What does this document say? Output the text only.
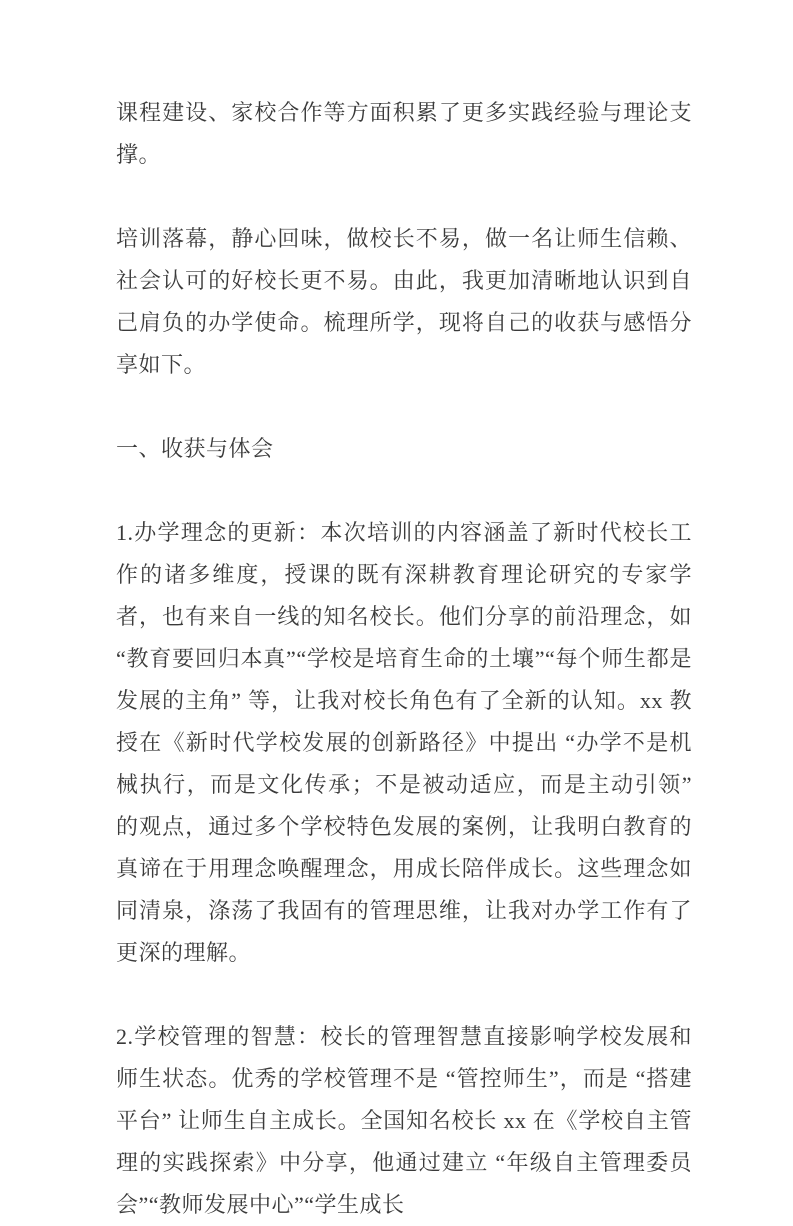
课程建设、家校合作等方面积累了更多实践经验与理论支撑。

培训落幕，静心回味，做校长不易，做一名让师生信赖、社会认可的好校长更不易。由此，我更加清晰地认识到自己肩负的办学使命。梳理所学，现将自己的收获与感悟分享如下。

一、收获与体会

1.办学理念的更新：本次培训的内容涵盖了新时代校长工作的诸多维度，授课的既有深耕教育理论研究的专家学者，也有来自一线的知名校长。他们分享的前沿理念，如 “教育要回归本真”“学校是培育生命的土壤”“每个师生都是发展的主角” 等，让我对校长角色有了全新的认知。xx 教授在《新时代学校发展的创新路径》中提出 “办学不是机械执行，而是文化传承；不是被动适应，而是主动引领” 的观点，通过多个学校特色发展的案例，让我明白教育的真谛在于用理念唤醒理念，用成长陪伴成长。这些理念如同清泉，涤荡了我固有的管理思维，让我对办学工作有了更深的理解。

2.学校管理的智慧：校长的管理智慧直接影响学校发展和师生状态。优秀的学校管理不是 “管控师生”，而是 “搭建平台” 让师生自主成长。全国知名校长 xx 在《学校自主管理的实践探索》中分享，他通过建立 “年级自主管理委员会”“教师发展中心”“学生成长
